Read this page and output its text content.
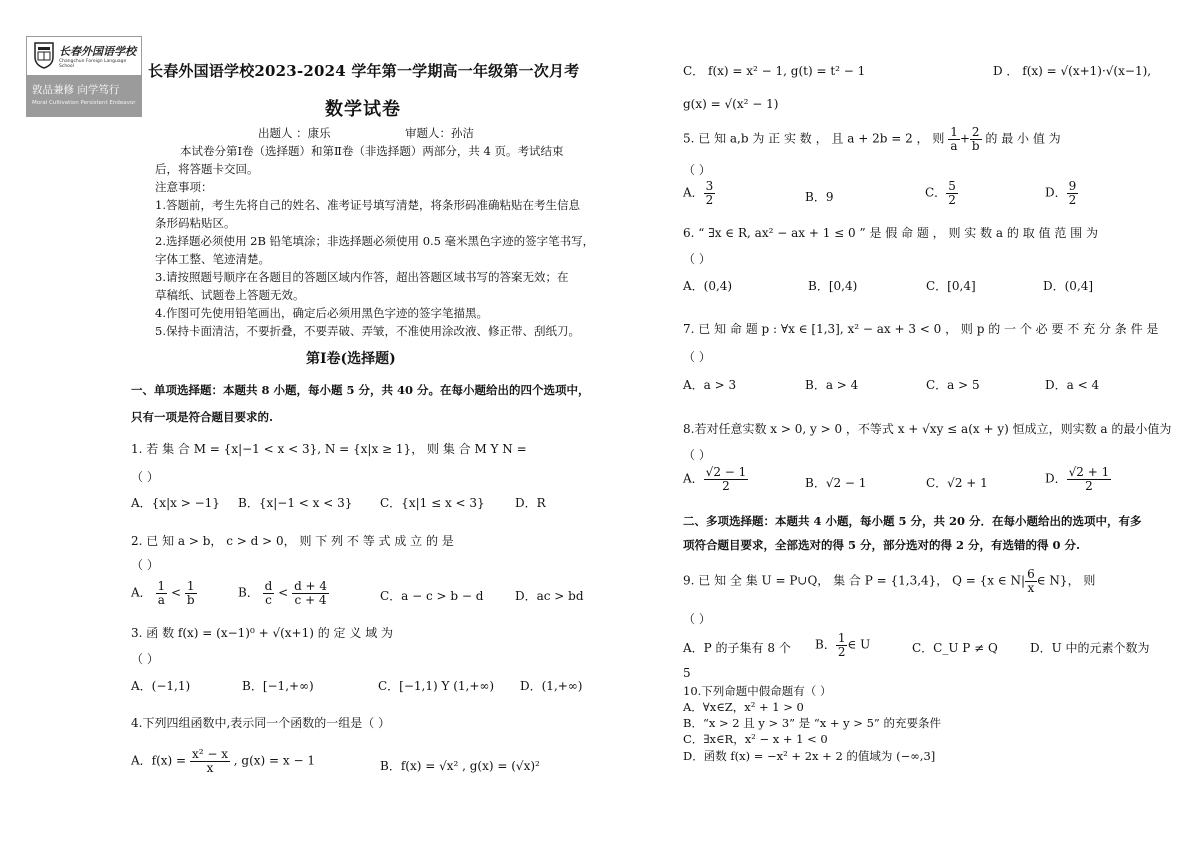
长春外国语学校
Changchun Foreign Language School
敦品兼修 向学笃行
Moral Cultivation Persistent Endeavor
长春外国语学校2023-2024 学年第一学期高一年级第一次月考
数学试卷
出题人 ：康乐	审题人：孙洁
本试卷分第Ⅰ卷（选择题）和第Ⅱ卷（非选择题）两部分，共 4 页。考试结束
后，将答题卡交回。
注意事项：
1.答题前，考生先将自己的姓名、准考证号填写清楚，将条形码准确粘贴在考生信息
条形码粘贴区。
2.选择题必须使用 2B 铅笔填涂；非选择题必须使用 0.5 毫米黑色字迹的签字笔书写，
字体工整、笔迹清楚。
3.请按照题号顺序在各题目的答题区域内作答，超出答题区域书写的答案无效；在
草稿纸、试题卷上答题无效。
4.作图可先使用铅笔画出，确定后必须用黑色字迹的签字笔描黑。
5.保持卡面清洁，不要折叠，不要弄破、弄皱，不准使用涂改液、修正带、刮纸刀。
第Ⅰ卷(选择题)
一、单项选择题：本题共 8 小题，每小题 5 分，共 40 分。在每小题给出的四个选项中，
只有一项是符合题目要求的.
1. 若 集 合 M = {x|−1 < x < 3}, N = {x|x ≥ 1}， 则 集 合 M Y N =
（ ）
A．{x|x > −1} B．{x|−1 < x < 3} C．{x|1 ≤ x < 3}	D．R
2. 已 知 a > b， c > d > 0， 则 下 列 不 等 式 成 立 的 是
（ ）
A． $\frac{1}{a} < \frac{1}{b}$	B． $\frac{d}{c} < \frac{d + 4}{c + 4}$	C．a − c > b − d	D．ac > bd
3. 函 数 f(x) = (x−1)⁰ + √(x+1) 的 定 义 域 为
（ ）
A．(−1,1)	B．[−1,+∞)	C．[−1,1) Y (1,+∞) D．(1,+∞)
4.下列四组函数中,表示同一个函数的一组是（ ）
A．$f(x) = \frac{\text{x² − x}}{x}$ , g(x) = x − 1	B．f(x) = √x² , g(x) = (√x)²
C． f(x) = x² − 1, g(t) = t² − 1	D ． f(x) = √(x+1)·√(x−1),
g(x) = √(x² − 1)
5. 已 知 a,b 为 正 实 数 ， 且 a + 2b = 2 ， 则 $\frac{1}{a} + \frac{2}{b}$ 的 最 小 值 为
（ ）
A． $\frac{3}{2}$	B．9	C． $\frac{5}{2}$	D． $\frac{9}{2}$
6. “ ∃x ∈ R, ax² − ax + 1 ≤ 0 ” 是 假 命 题 ， 则 实 数 a 的 取 值 范 围 为
（ ）
A．(0,4)	B．[0,4)	C．[0,4]	D．(0,4]
7. 已 知 命 题 p : ∀x ∈ [1,3], x² − ax + 3 < 0 ， 则 p 的 一 个 必 要 不 充 分 条 件 是
（ ）
A．a > 3	B．a > 4	C．a > 5	D．a < 4
8.若对任意实数 x > 0, y > 0 ，不等式 x + √xy ≤ a(x + y) 恒成立，则实数 a 的最小值为
（ ）
A． $\frac{√2 - 1}{2}$	B．√2 − 1	C．√2 + 1	D． $\frac{√2 + 1}{2}$
二、多项选择题：本题共 4 小题，每小题 5 分，共 20 分．在每小题给出的选项中，有多
项符合题目要求，全部选对的得 5 分，部分选对的得 2 分，有选错的得 0 分.
9. 已 知 全 集 U = P∪Q， 集 合 P = {1,3,4}， Q = {x ∈ $N| \frac{6}{x}$ ∈ N}， 则
（ ）
A．P 的子集有 8 个 B． $\frac{1}{2}$ ∈ U	C．C_U P ≠ Q	D．U 中的元素个数为
5
10.下列命题中假命题有（ ）
A．∀x∈Z，x² + 1 > 0
B．“x > 2 且 y > 3” 是 “x + y > 5” 的充要条件
C．∃x∈R，x² − x + 1 < 0
D．函数 f(x) = −x² + 2x + 2 的值域为 (−∞,3]
